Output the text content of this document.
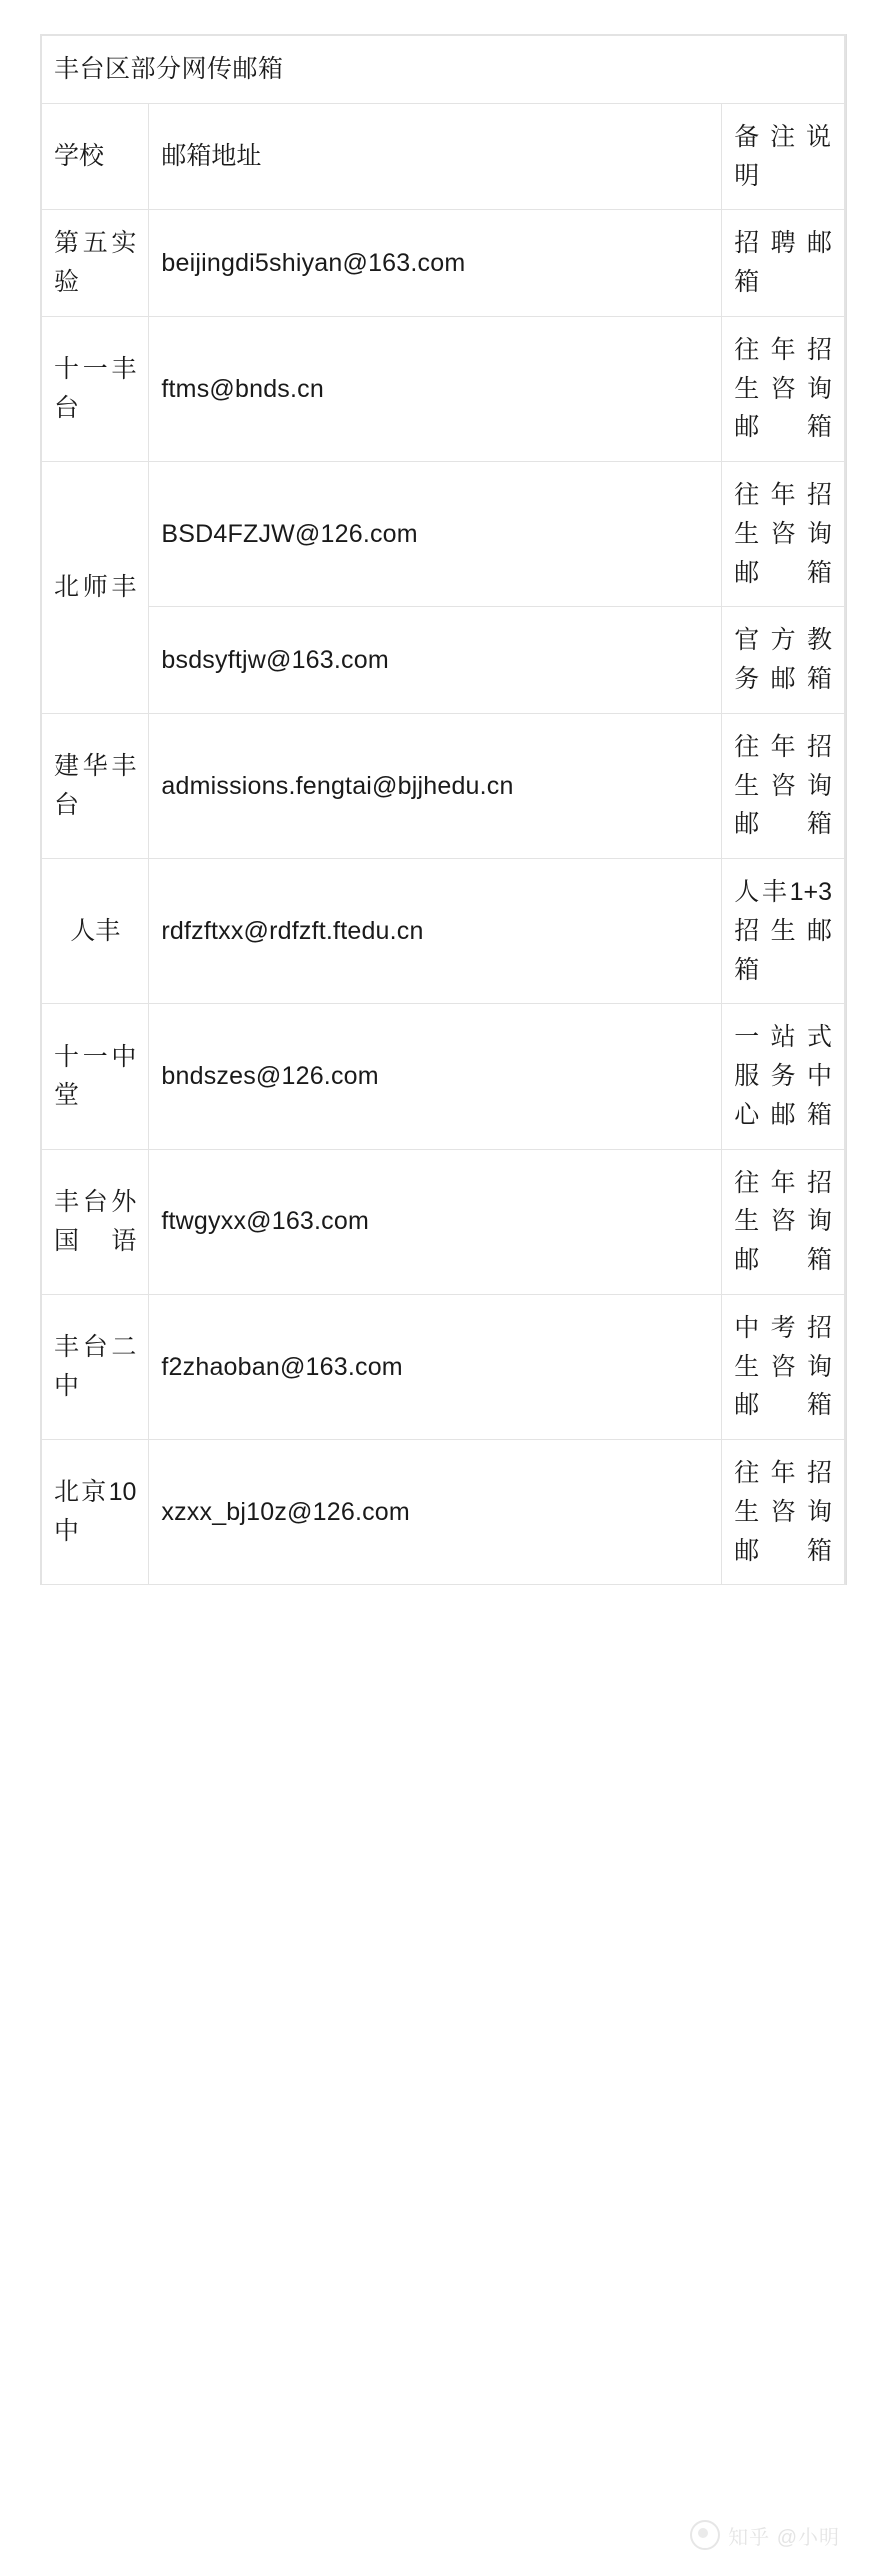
丰台区部分网传邮箱		
学校	邮箱地址	备注说明
第五实验	beijingdi5shiyan@163.com	招聘邮箱
十一丰台	ftms@bnds.cn	往年招生咨询邮箱
北师丰	BSD4FZJW@126.com	往年招生咨询邮箱
	bsdsyftjw@163.com	官方教务邮箱
建华丰台	admissions.fengtai@bjjhedu.cn	往年招生咨询邮箱
人丰	rdfzftxx@rdfzft.ftedu.cn	人丰1+3招生邮箱
十一中堂	bndszes@126.com	一站式服务中心邮箱
丰台外国语	ftwgyxx@163.com	往年招生咨询邮箱
丰台二中	f2zhaoban@163.com	中考招生咨询邮箱
北京10中	xzxx_bj10z@126.com	往年招生咨询邮箱
知乎 @小明
